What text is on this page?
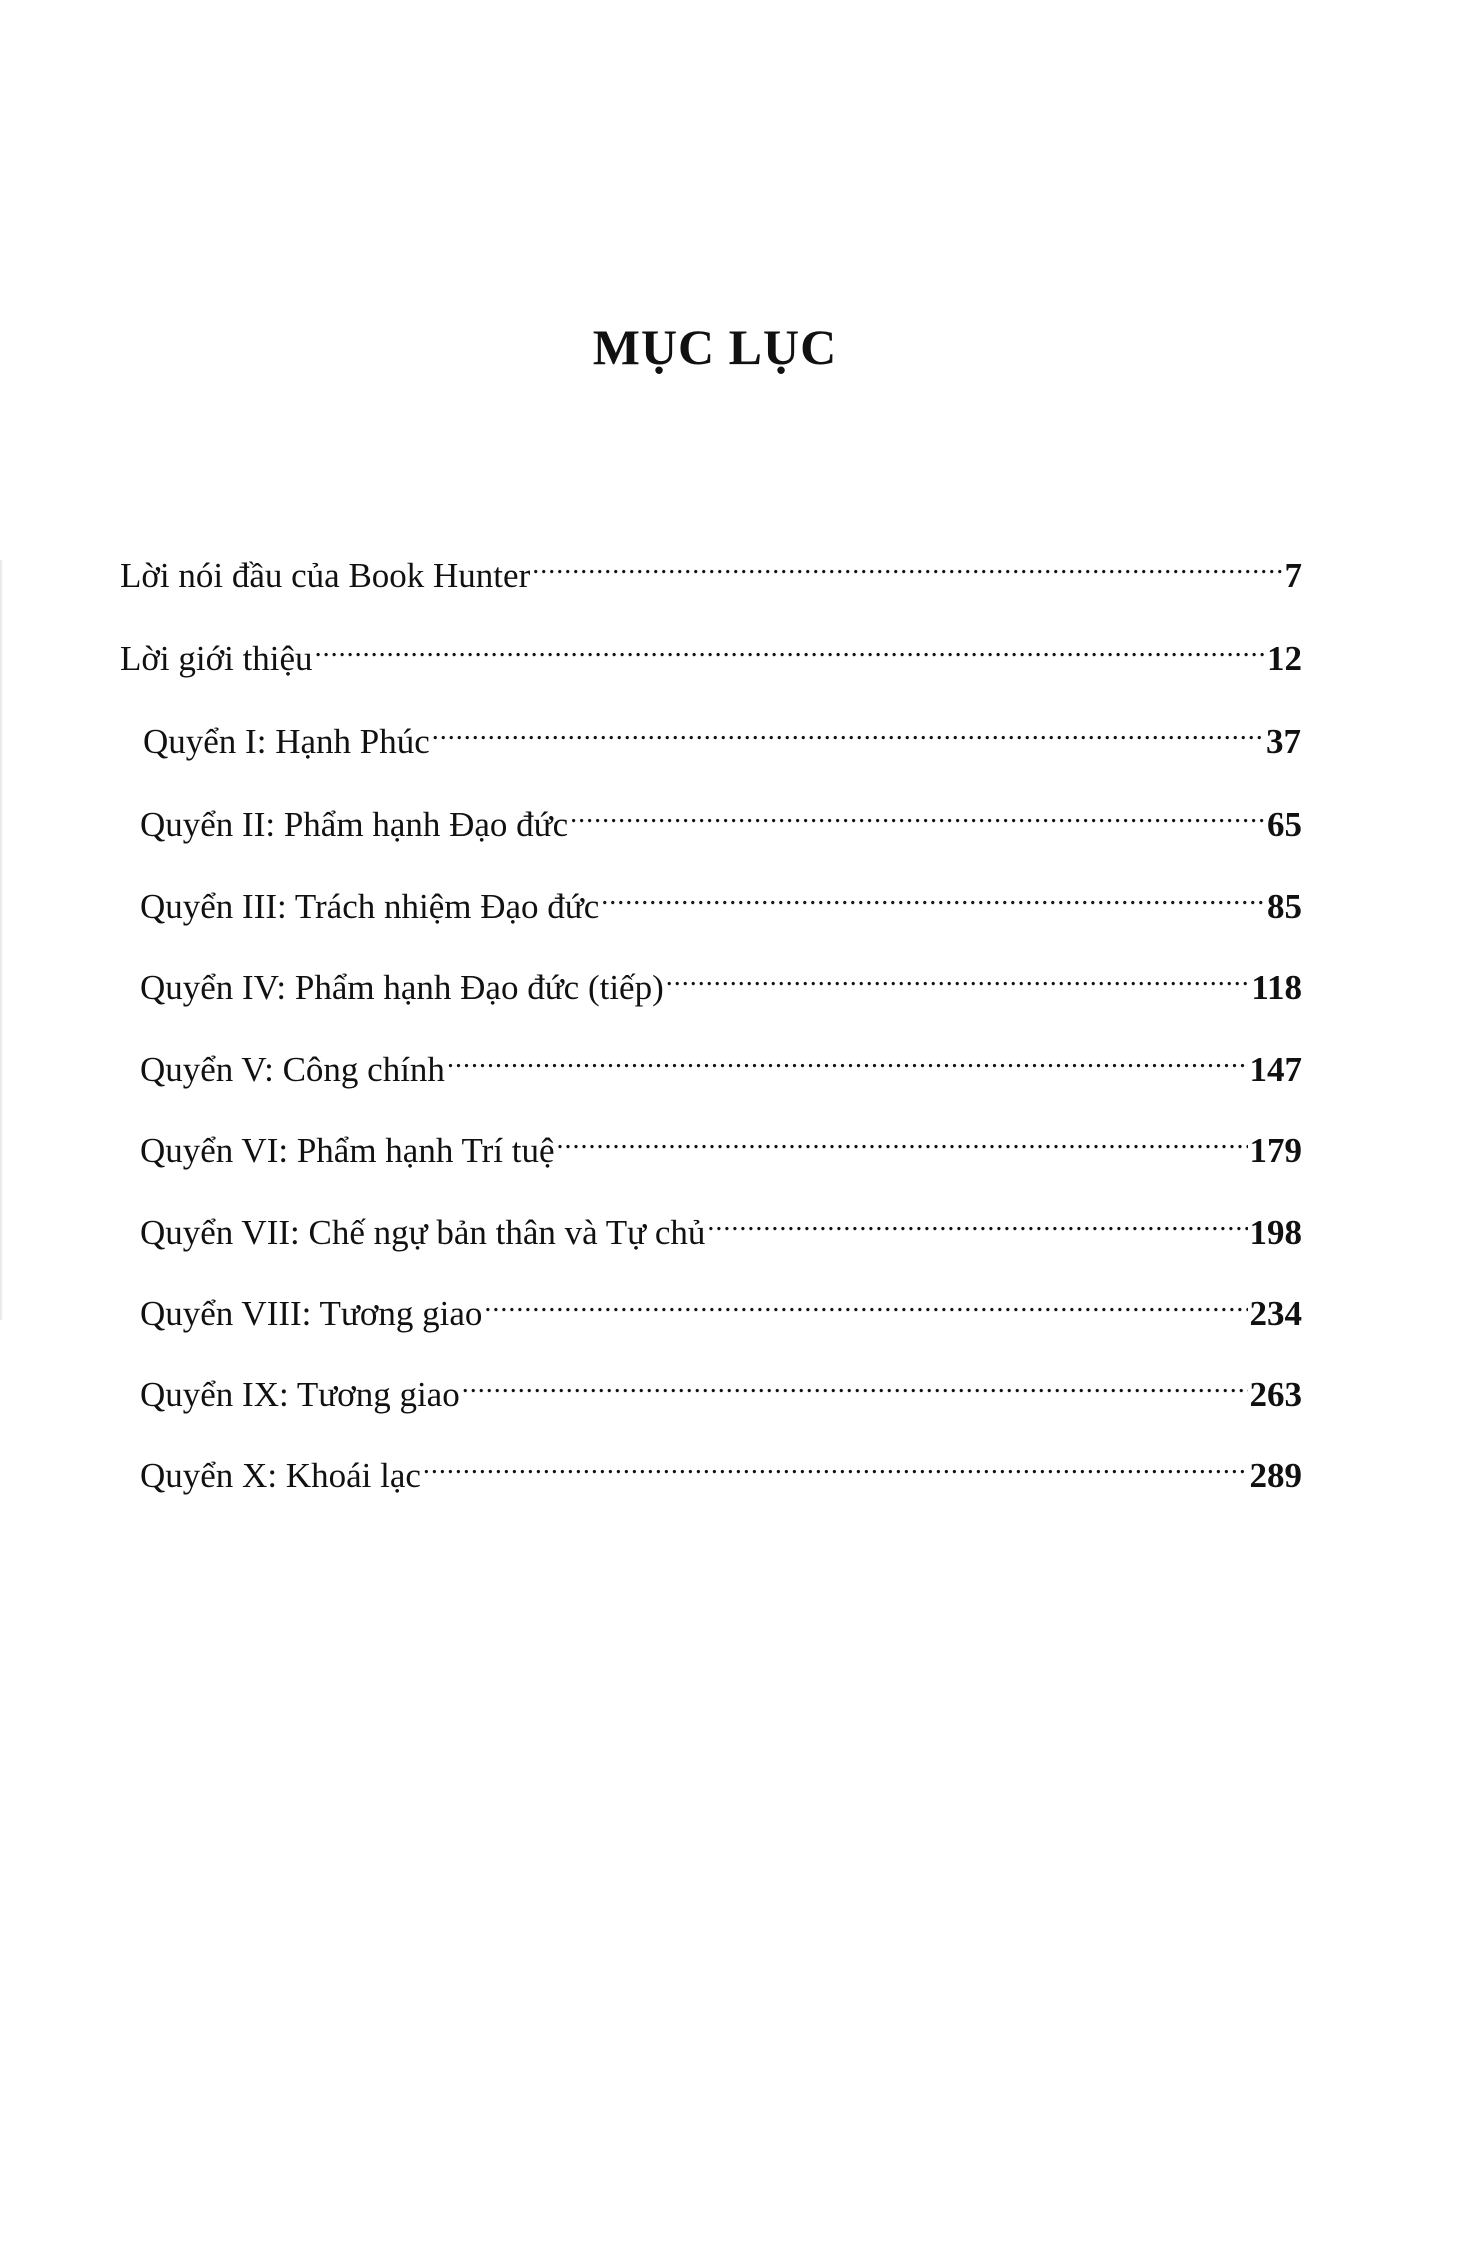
MỤC LỤC
Lời nói đầu của Book Hunter .....	7
Lời giới thiệu .....	12
Quyển I: Hạnh Phúc .....	37
Quyển II: Phẩm hạnh Đạo đức .....	65
Quyển III: Trách nhiệm Đạo đức .....	85
Quyển IV: Phẩm hạnh Đạo đức (tiếp) .....	118
Quyển V: Công chính .....	147
Quyển VI: Phẩm hạnh Trí tuệ .....	179
Quyển VII: Chế ngự bản thân và Tự chủ .....	198
Quyển VIII: Tương giao .....	234
Quyển IX: Tương giao .....	263
Quyển X: Khoái lạc .....	289
